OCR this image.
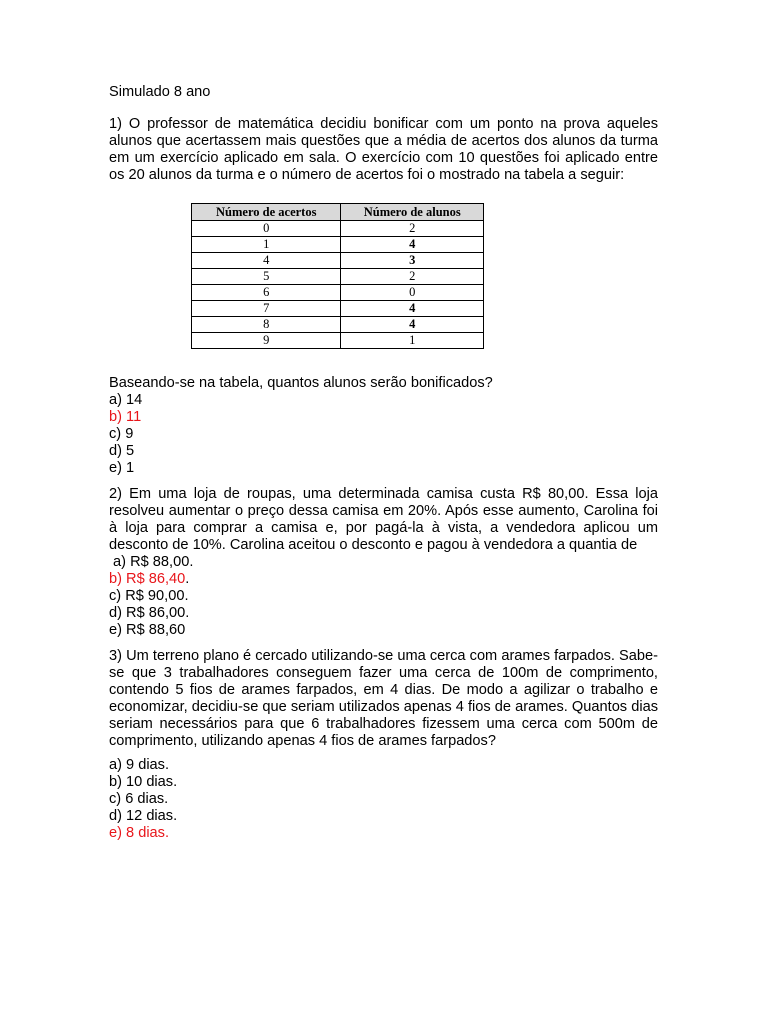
Simulado 8 ano

1) O professor de matemática decidiu bonificar com um ponto na prova aqueles alunos que acertassem mais questões que a média de acertos dos alunos da turma em um exercício aplicado em sala. O exercício com 10 questões foi aplicado entre os 20 alunos da turma e o número de acertos foi o mostrado na tabela a seguir:

Número de acertos	Número de alunos
0	2
1	4
4	3
5	2
6	0
7	4
8	4
9	1

Baseando-se na tabela, quantos alunos serão bonificados?

a) 14

b) 11

c) 9

d) 5

e) 1

2) Em uma loja de roupas, uma determinada camisa custa R$ 80,00. Essa loja resolveu aumentar o preço dessa camisa em 20%. Após esse aumento, Carolina foi à loja para comprar a camisa e, por pagá-la à vista, a vendedora aplicou um desconto de 10%. Carolina aceitou o desconto e pagou à vendedora a quantia de

a) R$ 88,00.

b) R$ 86,40.

c) R$ 90,00.

d) R$ 86,00.

e) R$ 88,60

3) Um terreno plano é cercado utilizando-se uma cerca com arames farpados. Sabe-se que 3 trabalhadores conseguem fazer uma cerca de 100m de comprimento, contendo 5 fios de arames farpados, em 4 dias. De modo a agilizar o trabalho e economizar, decidiu-se que seriam utilizados apenas 4 fios de arames. Quantos dias seriam necessários para que 6 trabalhadores fizessem uma cerca com 500m de comprimento, utilizando apenas 4 fios de arames farpados?

a) 9 dias.

b) 10 dias.

c) 6 dias.

d) 12 dias.

e) 8 dias.
